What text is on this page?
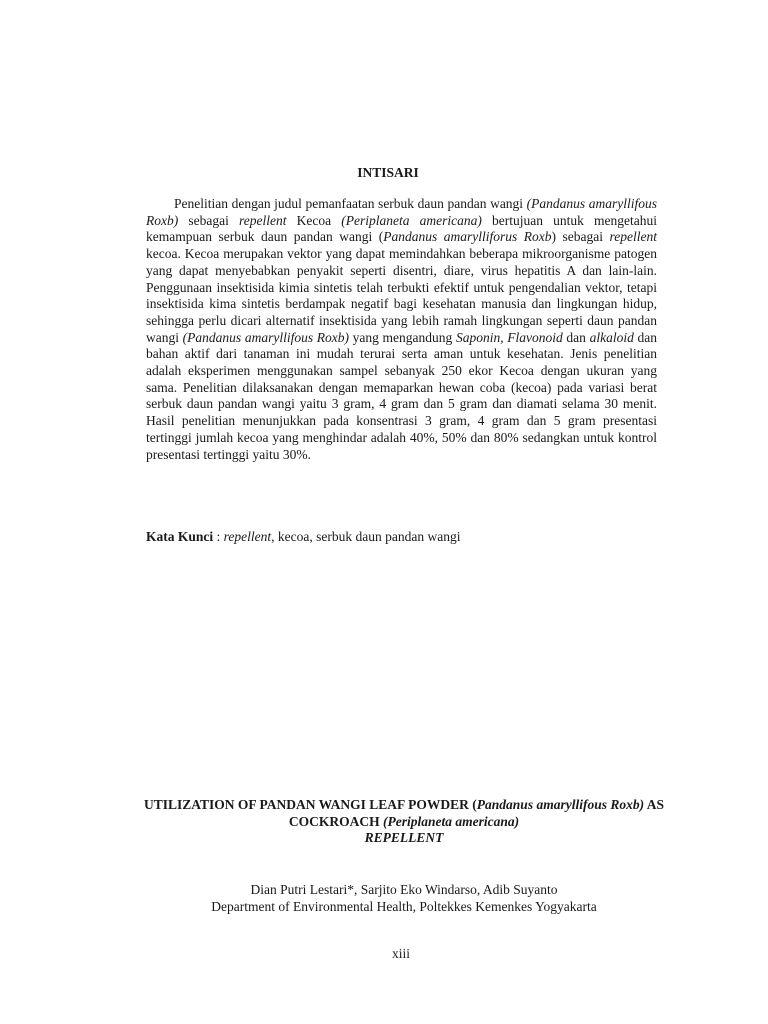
INTISARI

Penelitian dengan judul pemanfaatan serbuk daun pandan wangi (Pandanus amaryllifous Roxb) sebagai repellent Kecoa (Periplaneta americana) bertujuan untuk mengetahui kemampuan serbuk daun pandan wangi (Pandanus amarylliforus Roxb) sebagai repellent kecoa. Kecoa merupakan vektor yang dapat memindahkan beberapa mikroorganisme patogen yang dapat menyebabkan penyakit seperti disentri, diare, virus hepatitis A dan lain-lain. Penggunaan insektisida kimia sintetis telah terbukti efektif untuk pengendalian vektor, tetapi insektisida kima sintetis berdampak negatif bagi kesehatan manusia dan lingkungan hidup, sehingga perlu dicari alternatif insektisida yang lebih ramah lingkungan seperti daun pandan wangi (Pandanus amaryllifous Roxb) yang mengandung Saponin, Flavonoid dan alkaloid dan bahan aktif dari tanaman ini mudah terurai serta aman untuk kesehatan. Jenis penelitian adalah eksperimen menggunakan sampel sebanyak 250 ekor Kecoa dengan ukuran yang sama. Penelitian dilaksanakan dengan memaparkan hewan coba (kecoa) pada variasi berat serbuk daun pandan wangi yaitu 3 gram, 4 gram dan 5 gram dan diamati selama 30 menit. Hasil penelitian menunjukkan pada konsentrasi 3 gram, 4 gram dan 5 gram presentasi tertinggi jumlah kecoa yang menghindar adalah 40%, 50% dan 80% sedangkan untuk kontrol presentasi tertinggi yaitu 30%.

Kata Kunci : repellent, kecoa, serbuk daun pandan wangi
UTILIZATION OF PANDAN WANGI LEAF POWDER (Pandanus amaryllifous Roxb) AS COCKROACH (Periplaneta americana)
REPELLENT
Dian Putri Lestari*, Sarjito Eko Windarso, Adib Suyanto
Department of Environmental Health, Poltekkes Kemenkes Yogyakarta
xiii
